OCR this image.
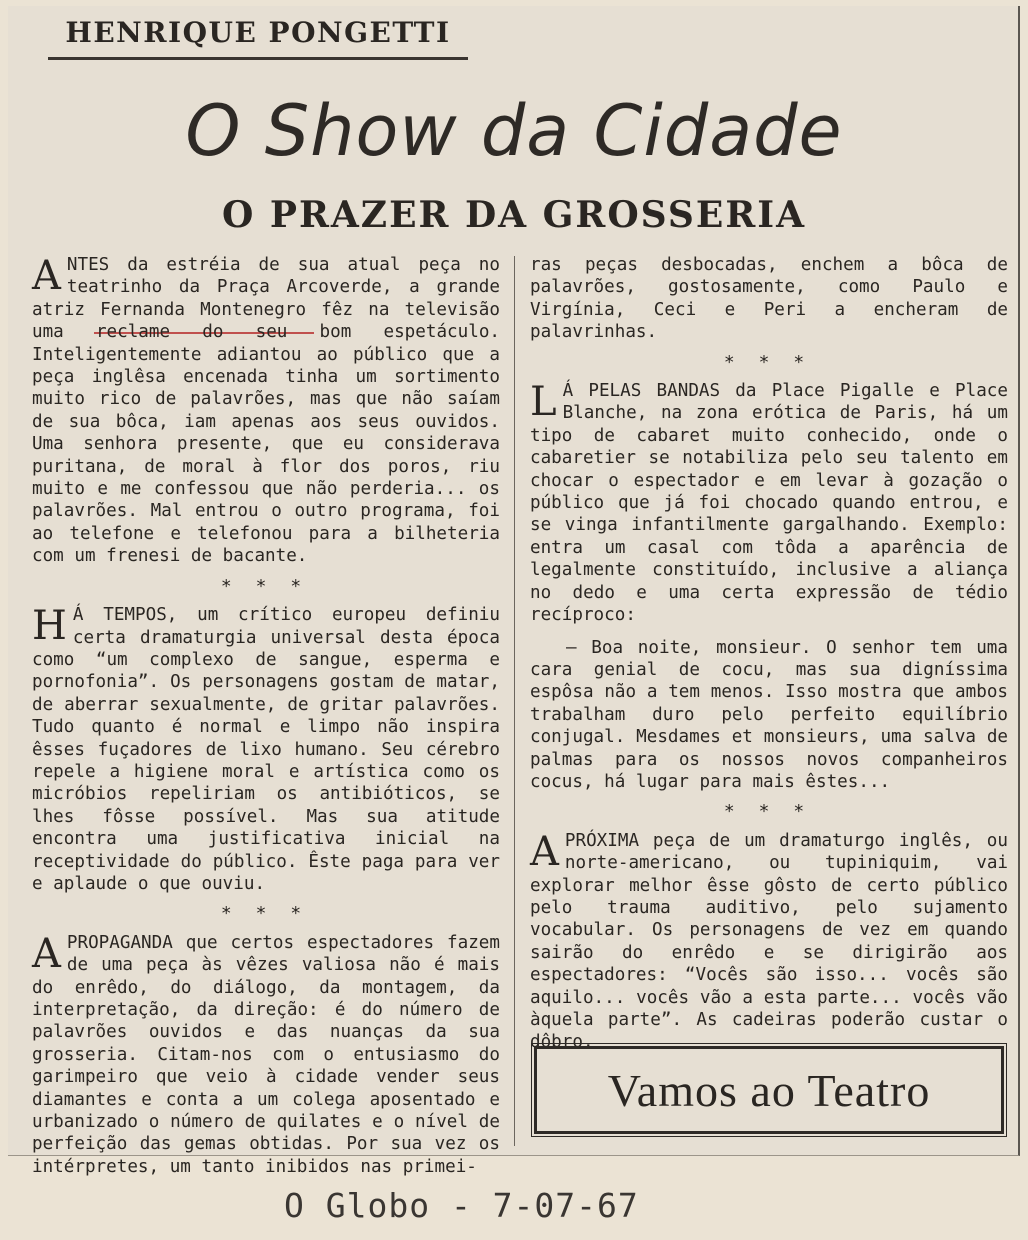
HENRIQUE PONGETTI
O Show da Cidade
O PRAZER DA GROSSERIA

ANTES da estréia de sua atual peça no teatrinho da Praça Arcoverde, a grande atriz Fernanda Montenegro fêz na televisão uma reclame do seu bom espetáculo. Inteligentemente adiantou ao público que a peça inglêsa encenada tinha um sortimento muito rico de palavrões, mas que não saíam de sua bôca, iam apenas aos seus ouvidos. Uma senhora presente, que eu considerava puritana, de moral à flor dos poros, riu muito e me confessou que não perderia... os palavrões. Mal entrou o outro programa, foi ao telefone e telefonou para a bilheteria com um frenesi de bacante.

* * *

H Á TEMPOS, um crítico europeu definiu certa dramaturgia universal desta época como “um complexo de sangue, esperma e pornofonia”. Os personagens gostam de matar, de aberrar sexualmente, de gritar palavrões. Tudo quanto é normal e limpo não inspira êsses fuçadores de lixo humano. Seu cérebro repele a higiene moral e artística como os micróbios repeliriam os antibióticos, se lhes fôsse possível. Mas sua atitude encontra uma justificativa inicial na receptividade do público. Êste paga para ver e aplaude o que ouviu.

* * *

APROPAGANDA que certos espectadores fazem de uma peça às vêzes valiosa não é mais do enrêdo, do diálogo, da montagem, da interpretação, da direção: é do número de palavrões ouvidos e das nuanças da sua grosseria. Citam-nos com o entusiasmo do garimpeiro que veio à cidade vender seus diamantes e conta a um colega aposentado e urbanizado o número de quilates e o nível de perfeição das gemas obtidas. Por sua vez os intérpretes, um tanto inibidos nas primei-

ras peças desbocadas, enchem a bôca de palavrões, gostosamente, como Paulo e Virgínia, Ceci e Peri a encheram de palavrinhas.

* * *

L Á PELAS BANDAS da Place Pigalle e Place Blanche, na zona erótica de Paris, há um tipo de cabaret muito conhecido, onde o cabaretier se notabiliza pelo seu talento em chocar o espectador e em levar à gozação o público que já foi chocado quando entrou, e se vinga infantilmente gargalhando. Exemplo: entra um casal com tôda a aparência de legalmente constituído, inclusive a aliança no dedo e uma certa expressão de tédio recíproco:

— Boa noite, monsieur. O senhor tem uma cara genial de cocu, mas sua digníssima espôsa não a tem menos. Isso mostra que ambos trabalham duro pelo perfeito equilíbrio conjugal. Mesdames et monsieurs, uma salva de palmas para os nossos novos companheiros cocus, há lugar para mais êstes...

* * *

APRÓXIMA peça de um dramaturgo inglês, ou norte-americano, ou tupiniquim, vai explorar melhor êsse gôsto de certo público pelo trauma auditivo, pelo sujamento vocabular. Os personagens de vez em quando sairão do enrêdo e se dirigirão aos espectadores: “Vocês são isso... vocês são aquilo... vocês vão a esta parte... vocês vão àquela parte”. As cadeiras poderão custar o dôbro.

Vamos ao Teatro
O Globo - 7-07-67
